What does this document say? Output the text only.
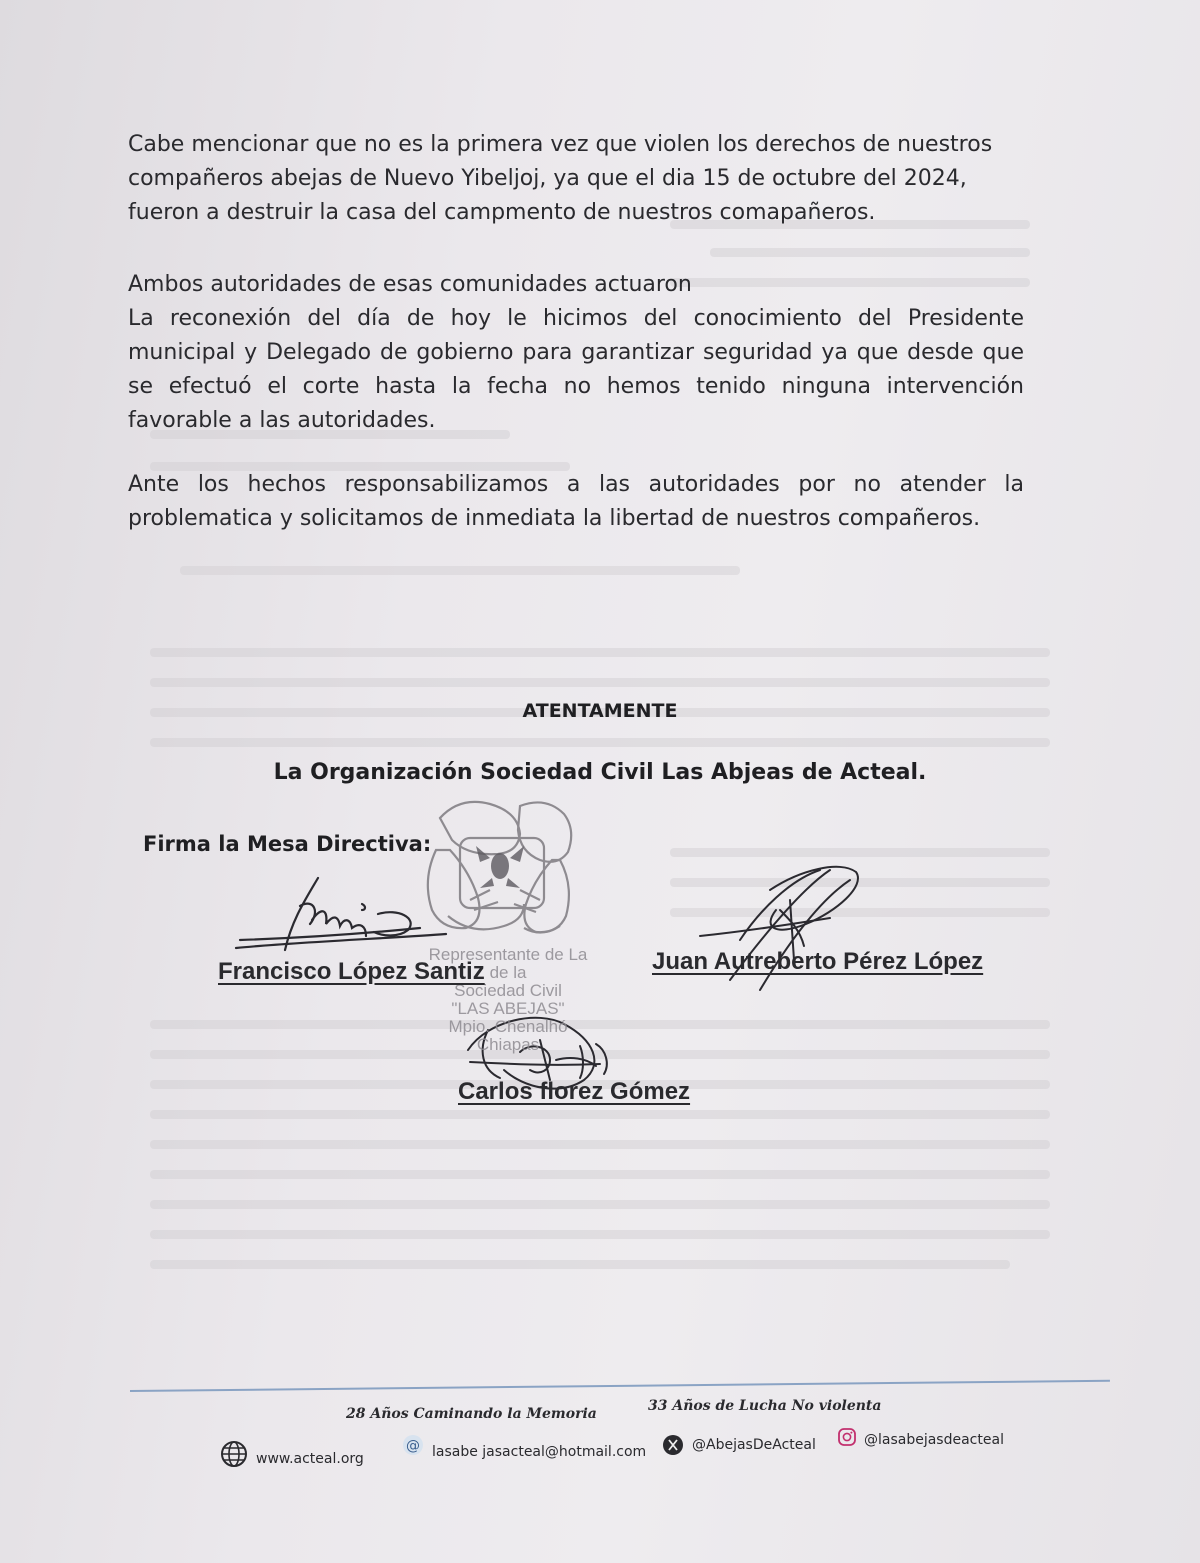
Cabe mencionar que no es la primera vez que violen los derechos de nuestros
compañeros abejas de Nuevo Yibeljoj, ya que el dia 15 de octubre del 2024,
fueron a destruir la casa del campmento de nuestros comapañeros.
Ambos autoridades de esas comunidades actuaron
La reconexión del día de hoy le hicimos del conocimiento del Presidente
municipal y Delegado de gobierno para garantizar seguridad ya que desde que
se efectuó el corte hasta la fecha no hemos tenido ninguna intervención
favorable a las autoridades.
Ante los hechos responsabilizamos a las autoridades por no atender la
problematica y solicitamos de inmediata la libertad de nuestros compañeros.
ATENTAMENTE
La Organización Sociedad Civil Las Abjeas de Acteal.
Firma la Mesa Directiva:
Representante de La
de la
Sociedad Civil
"LAS ABEJAS"
Mpio. Chenalhó
Chiapas
Francisco López Santiz	Juan Autreberto Pérez López
Carlos florez Gómez
28 Años Caminando la Memoria	33 Años de Lucha No violenta
www.acteal.org
@ lasabe jasacteal@hotmail.com	@AbejasDeActeal	@lasabejasdeacteal
